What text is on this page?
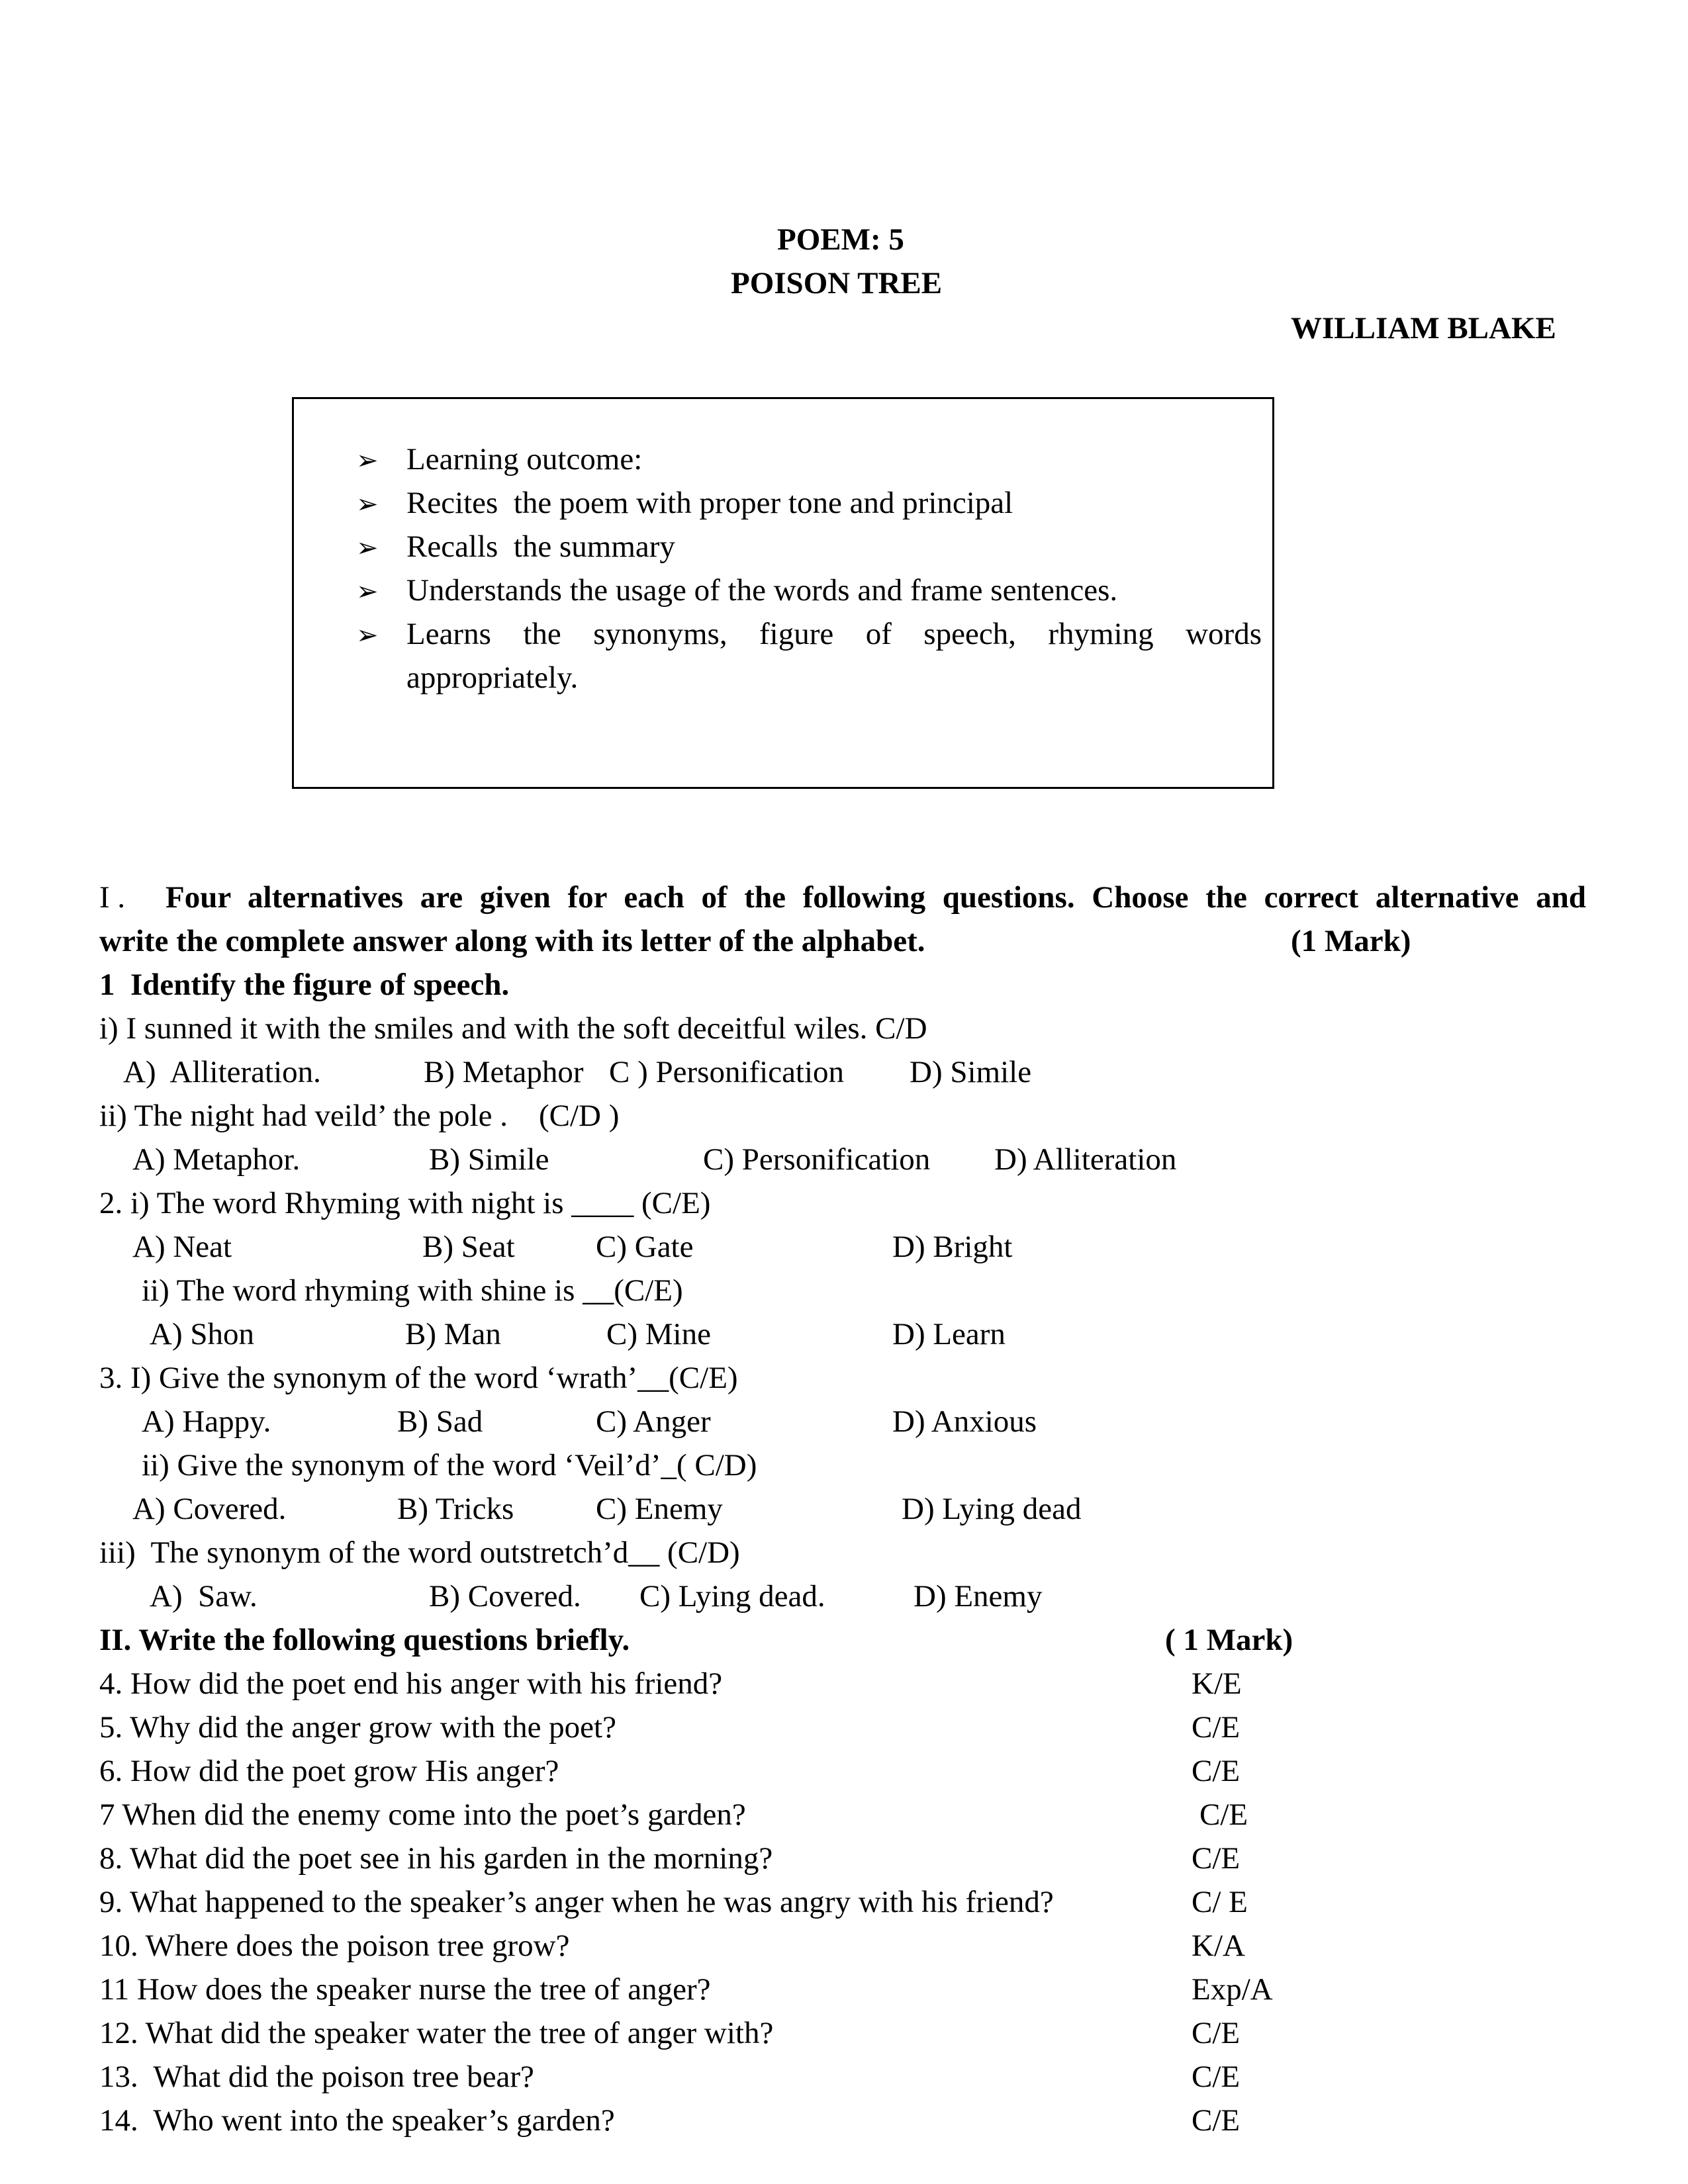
POEM: 5
POISON TREE
WILLIAM BLAKE
➢ Learning outcome:
➢ Recites  the poem with proper tone and principal
➢ Recalls  the summary
➢ Understands the usage of the words and frame sentences.
➢ Learns the synonyms, figure of speech, rhyming words
appropriately.
I . Four alternatives are given for each of the following questions. Choose the correct alternative and
write the complete answer along with its letter of the alphabet.	(1 Mark)
1  Identify the figure of speech.
i) I sunned it with the smiles and with the soft deceitful wiles. C/D
A)  Alliteration.	B) Metaphor C ) Personification D) Simile
ii) The night had veild’ the pole .    (C/D )
A) Metaphor.	B) Simile	C) Personification D) Alliteration
2. i) The word Rhyming with night is ____ (C/E)
A) Neat	B) Seat	C) Gate	D) Bright
ii) The word rhyming with shine is __(C/E)
A) Shon	B) Man	C) Mine	D) Learn
3. I) Give the synonym of the word ‘wrath’__(C/E)
A) Happy.	B) Sad	C) Anger	D) Anxious
ii) Give the synonym of the word ‘Veil’d’_( C/D)
A) Covered.	B) Tricks	C) Enemy	D) Lying dead
iii)  The synonym of the word outstretch’d__ (C/D)
A)  Saw.	B) Covered. C) Lying dead.	D) Enemy
II. Write the following questions briefly.	( 1 Mark)
4. How did the poet end his anger with his friend?	K/E
5. Why did the anger grow with the poet?	C/E
6. How did the poet grow His anger?	C/E
7 When did the enemy come into the poet’s garden?	C/E
8. What did the poet see in his garden in the morning?	C/E
9. What happened to the speaker’s anger when he was angry with his friend?	C/ E
10. Where does the poison tree grow?	K/A
11 How does the speaker nurse the tree of anger?	Exp/A
12. What did the speaker water the tree of anger with?	C/E
13.  What did the poison tree bear?	C/E
14.  Who went into the speaker’s garden?	C/E
